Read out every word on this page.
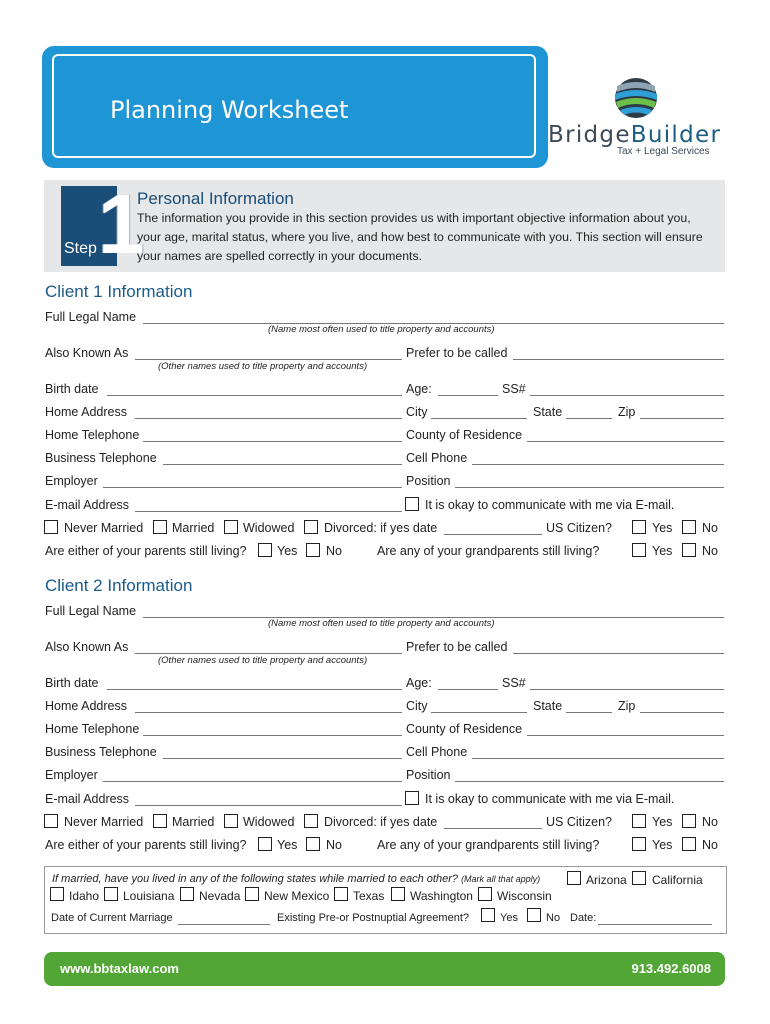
Planning Worksheet
BridgeBuilder
Tax + Legal Services
Step 1
Personal Information
The information you provide in this section provides us with important objective information about you, your age, marital status, where you live, and how best to communicate with you. This section will ensure your names are spelled correctly in your documents.
Client 1 Information
Full Legal Name
(Name most often used to title property and accounts)
Also Known As	Prefer to be called
(Other names used to title property and accounts)
Birth date	Age:	SS#
Home Address	City	State	Zip
Home Telephone	County of Residence
Business Telephone	Cell Phone
Employer	Position
E-mail Address	It is okay to communicate with me via E-mail.
Never Married Married Widowed Divorced: if yes date	US Citizen?	Yes No
Are either of your parents still living? Yes No	Are any of your grandparents still living?	Yes No
Client 2 Information
Full Legal Name
(Name most often used to title property and accounts)
Also Known As	Prefer to be called
(Other names used to title property and accounts)
Birth date	Age:	SS#
Home Address	City	State	Zip
Home Telephone	County of Residence
Business Telephone	Cell Phone
Employer	Position
E-mail Address	It is okay to communicate with me via E-mail.
Never Married Married Widowed Divorced: if yes date	US Citizen?	Yes No
Are either of your parents still living? Yes No	Are any of your grandparents still living?	Yes No
If married, have you lived in any of the following states while married to each other? (Mark all that apply)	Arizona California
Idaho Louisiana Nevada New Mexico Texas Washington Wisconsin
Date of Current Marriage	Existing Pre-or Postnuptial Agreement?	Yes	No Date:
www.bbtaxlaw.com	913.492.6008
